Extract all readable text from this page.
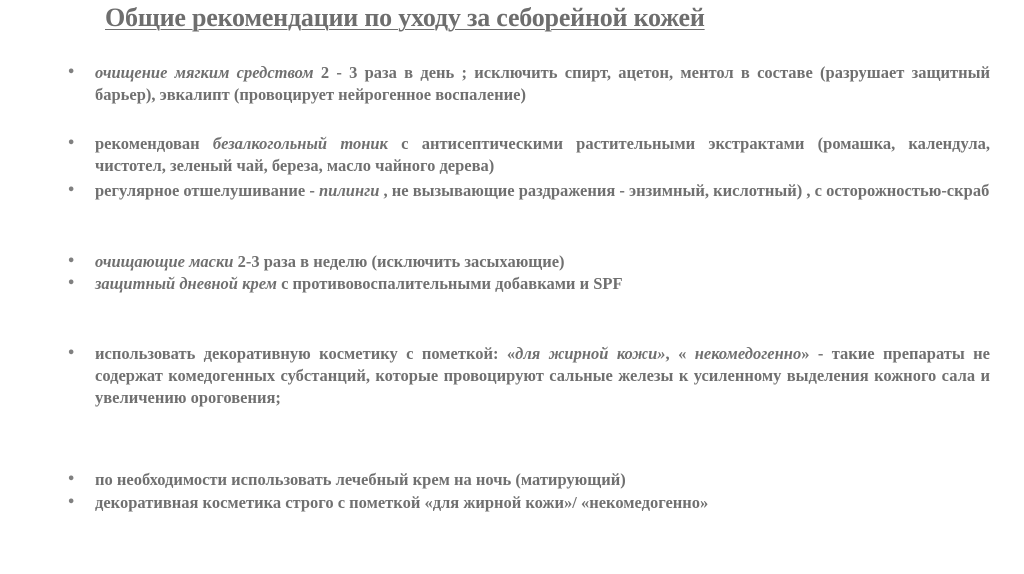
Общие рекомендации по уходу за себорейной кожей
• очищение мягким средством 2 - 3 раза в день ; исключить спирт, ацетон, ментол в составе (разрушает защитный барьер), эвкалипт (провоцирует нейрогенное воспаление)
• рекомендован безалкогольный тоник с антисептическими растительными экстрактами (ромашка, календула, чистотел, зеленый чай, береза, масло чайного дерева)
• регулярное отшелушивание - пилинги , не вызывающие раздражения - энзимный, кислотный) , с осторожностью-скраб
• очищающие маски 2-3 раза в неделю (исключить засыхающие)
• защитный дневной крем с противовоспалительными добавками и SPF
• использовать декоративную косметику с пометкой: «для жирной кожи», « некомедогенно» - такие препараты не содержат комедогенных субстанций, которые провоцируют сальные железы к усиленному выделения кожного сала и увеличению ороговения;
• по необходимости использовать лечебный крем на ночь (матирующий)
• декоративная косметика строго с пометкой «для жирной кожи»/ «некомедогенно»
